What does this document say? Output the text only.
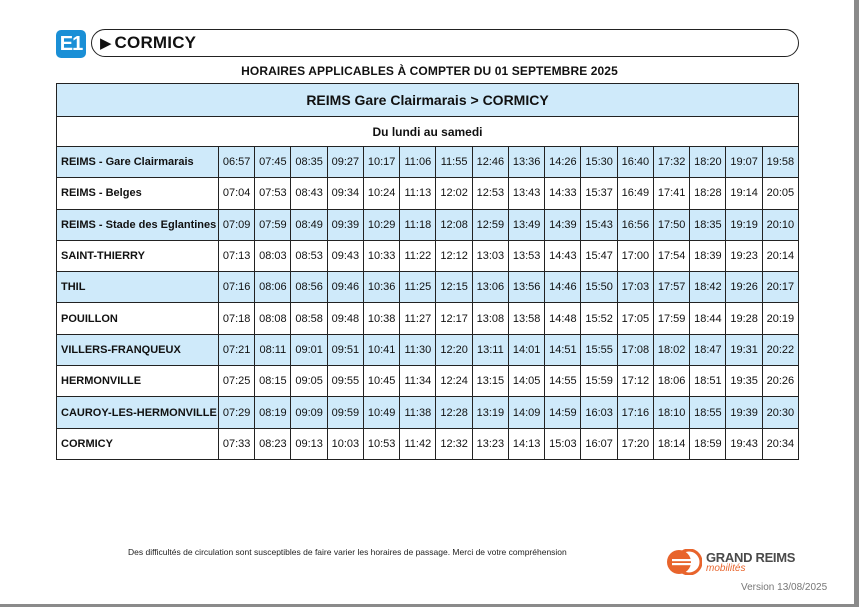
E1 ▶ CORMICY
HORAIRES APPLICABLES À COMPTER DU 01 SEPTEMBRE 2025
REIMS Gare Clairmarais > CORMICY																
Du lundi au samedi																
REIMS - Gare Clairmarais	06:57	07:45	08:35	09:27	10:17	11:06	11:55	12:46	13:36	14:26	15:30	16:40	17:32	18:20	19:07	19:58
REIMS - Belges	07:04	07:53	08:43	09:34	10:24	11:13	12:02	12:53	13:43	14:33	15:37	16:49	17:41	18:28	19:14	20:05
REIMS - Stade des Eglantines	07:09	07:59	08:49	09:39	10:29	11:18	12:08	12:59	13:49	14:39	15:43	16:56	17:50	18:35	19:19	20:10
SAINT-THIERRY	07:13	08:03	08:53	09:43	10:33	11:22	12:12	13:03	13:53	14:43	15:47	17:00	17:54	18:39	19:23	20:14
THIL	07:16	08:06	08:56	09:46	10:36	11:25	12:15	13:06	13:56	14:46	15:50	17:03	17:57	18:42	19:26	20:17
POUILLON	07:18	08:08	08:58	09:48	10:38	11:27	12:17	13:08	13:58	14:48	15:52	17:05	17:59	18:44	19:28	20:19
VILLERS-FRANQUEUX	07:21	08:11	09:01	09:51	10:41	11:30	12:20	13:11	14:01	14:51	15:55	17:08	18:02	18:47	19:31	20:22
HERMONVILLE	07:25	08:15	09:05	09:55	10:45	11:34	12:24	13:15	14:05	14:55	15:59	17:12	18:06	18:51	19:35	20:26
CAUROY-LES-HERMONVILLE	07:29	08:19	09:09	09:59	10:49	11:38	12:28	13:19	14:09	14:59	16:03	17:16	18:10	18:55	19:39	20:30
CORMICY	07:33	08:23	09:13	10:03	10:53	11:42	12:32	13:23	14:13	15:03	16:07	17:20	18:14	18:59	19:43	20:34
Des difficultés de circulation sont susceptibles de faire varier les horaires de passage. Merci de votre compréhension	GRAND REIMS
mobilités
Version 13/08/2025
